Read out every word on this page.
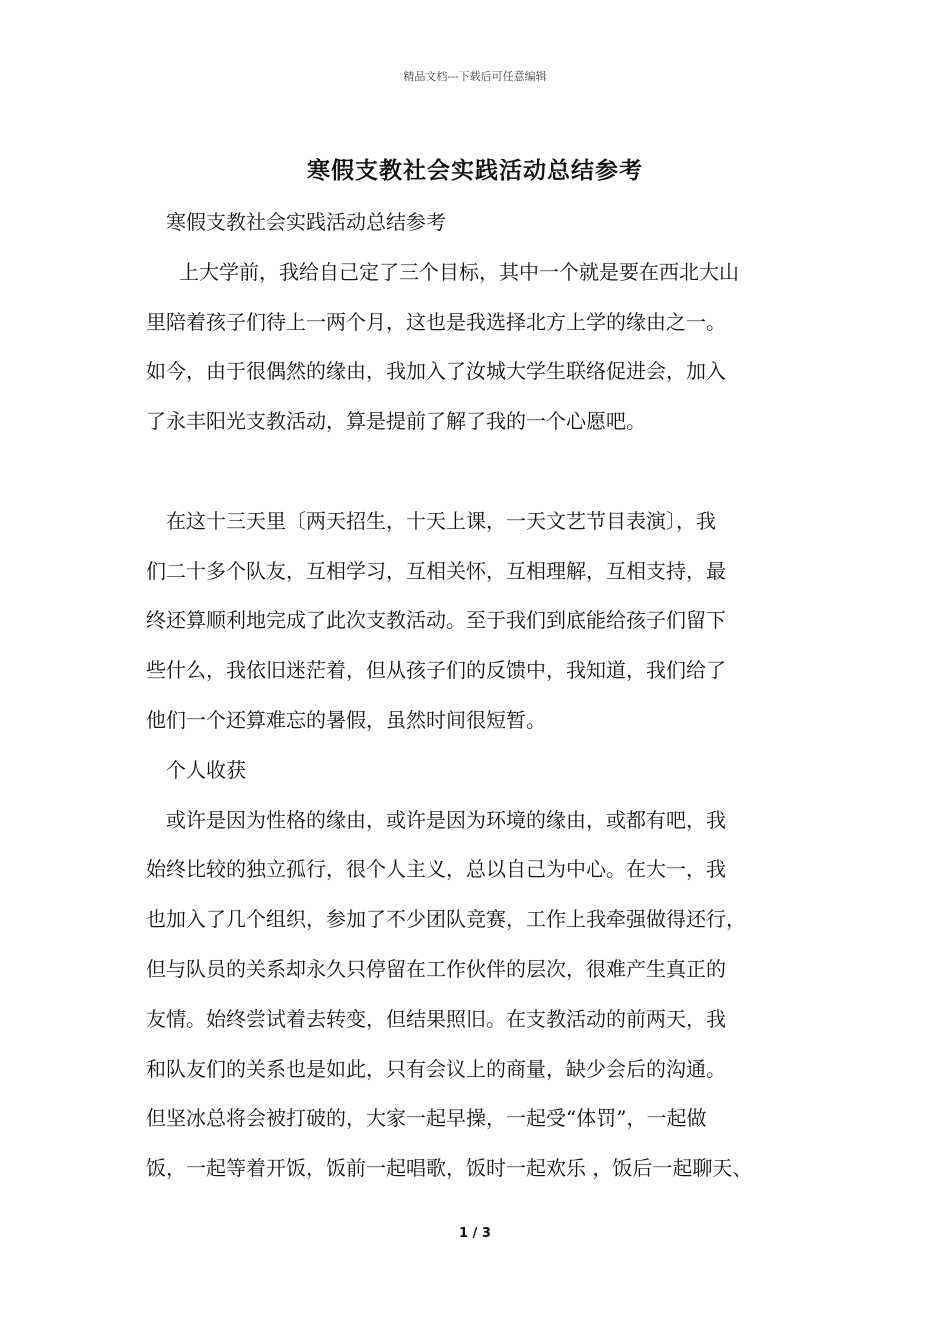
精品文档---下载后可任意编辑
寒假支教社会实践活动总结参考
寒假支教社会实践活动总结参考
上大学前，我给自己定了三个目标，其中一个就是要在西北大山
里陪着孩子们待上一两个月，这也是我选择北方上学的缘由之一。
如今，由于很偶然的缘由，我加入了汝城大学生联络促进会，加入
了永丰阳光支教活动，算是提前了解了我的一个心愿吧。
在这十三天里〔两天招生，十天上课，一天文艺节目表演〕，我
们二十多个队友，互相学习，互相关怀，互相理解，互相支持，最
终还算顺利地完成了此次支教活动。至于我们到底能给孩子们留下
些什么，我依旧迷茫着，但从孩子们的反馈中，我知道，我们给了
他们一个还算难忘的暑假，虽然时间很短暂。
个人收获
或许是因为性格的缘由，或许是因为环境的缘由，或都有吧，我
始终比较的独立孤行，很个人主义，总以自己为中心。在大一，我
也加入了几个组织，参加了不少团队竞赛，工作上我牵强做得还行，
但与队员的关系却永久只停留在工作伙伴的层次，很难产生真正的
友情。始终尝试着去转变，但结果照旧。在支教活动的前两天，我
和队友们的关系也是如此，只有会议上的商量，缺少会后的沟通。
但坚冰总将会被打破的，大家一起早操，一起受“体罚”，一起做
饭，一起等着开饭，饭前一起唱歌，饭时一起欢乐 ，饭后一起聊天、
1 / 3
